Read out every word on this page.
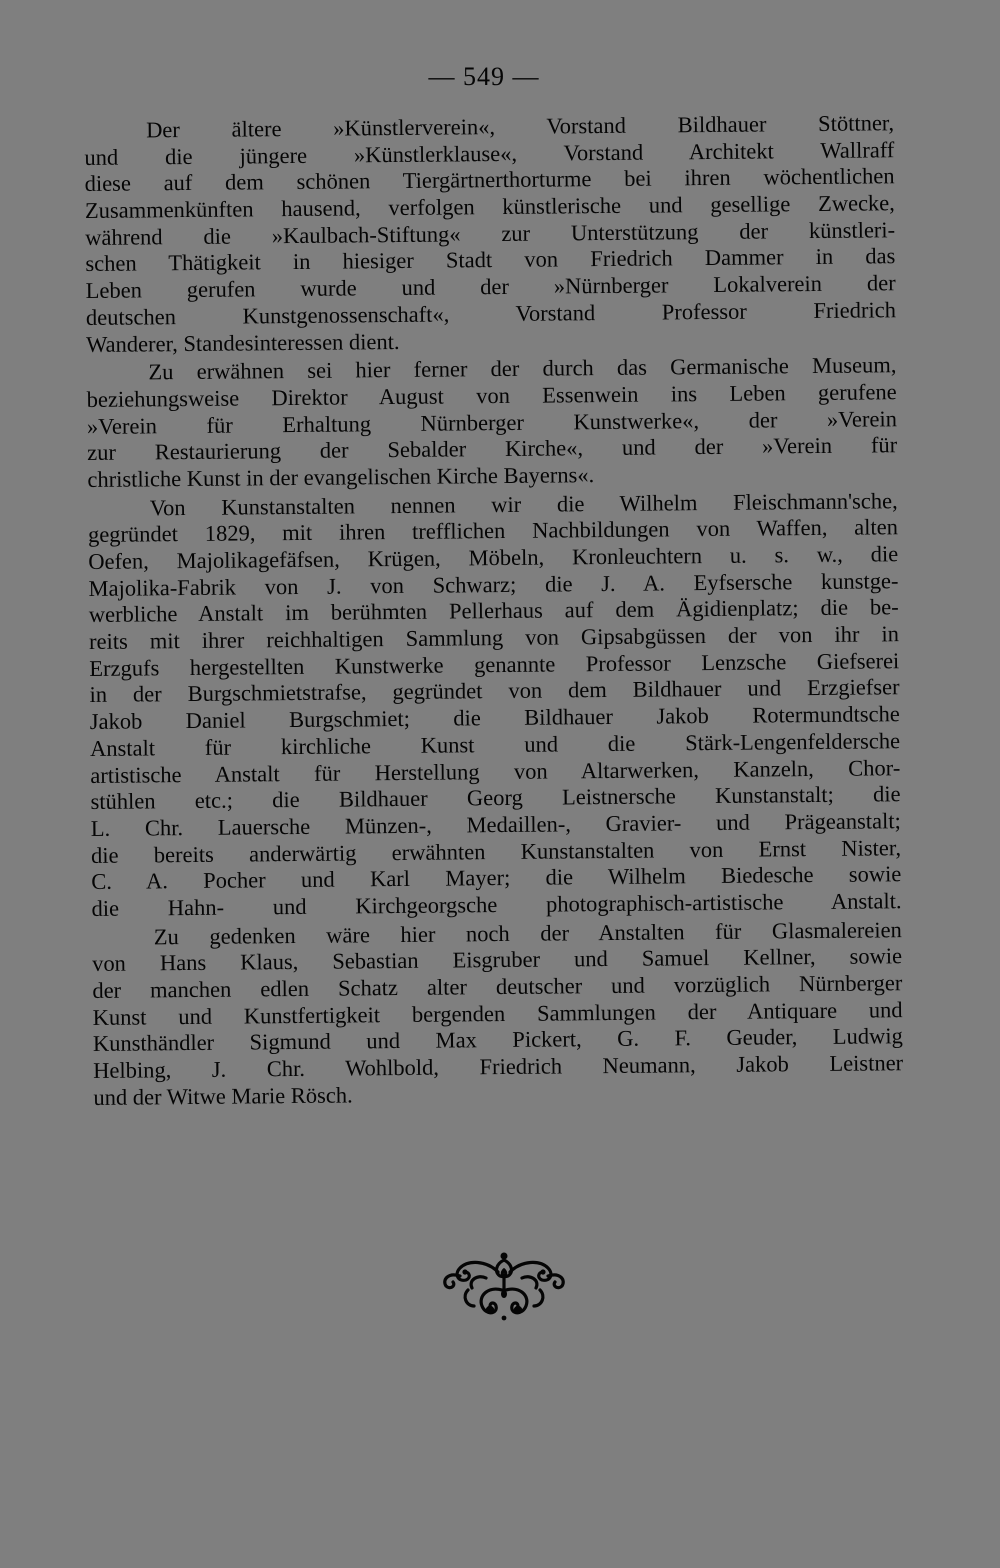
— 549 —

Der ältere »Künstlerverein«, Vorstand Bildhauer Stöttner,
und die jüngere »Künstlerklause«, Vorstand Architekt Wallraff
diese auf dem schönen Tiergärtnerthorturme bei ihren wöchentlichen
Zusammenkünften hausend, verfolgen künstlerische und gesellige Zwecke,
während die »Kaulbach-Stiftung« zur Unterstützung der künstleri-
schen Thätigkeit in hiesiger Stadt von Friedrich Dammer in das
Leben gerufen wurde und der »Nürnberger Lokalverein der
deutschen Kunstgenossenschaft«, Vorstand Professor Friedrich
Wanderer, Standesinteressen dient.

Zu erwähnen sei hier ferner der durch das Germanische Museum,
beziehungsweise Direktor August von Essenwein ins Leben gerufene
»Verein für Erhaltung Nürnberger Kunstwerke«, der »Verein
zur Restaurierung der Sebalder Kirche«, und der »Verein für
christliche Kunst in der evangelischen Kirche Bayerns«.

Von Kunstanstalten nennen wir die Wilhelm Fleischmann'sche,
gegründet 1829, mit ihren trefflichen Nachbildungen von Waffen, alten
Oefen, Majolikagefäfsen, Krügen, Möbeln, Kronleuchtern u. s. w., die
Majolika-Fabrik von J. von Schwarz; die J. A. Eyfsersche kunstge-
werbliche Anstalt im berühmten Pellerhaus auf dem Ägidienplatz; die be-
reits mit ihrer reichhaltigen Sammlung von Gipsabgüssen der von ihr in
Erzgufs hergestellten Kunstwerke genannte Professor Lenzsche Giefserei
in der Burgschmietstrafse, gegründet von dem Bildhauer und Erzgiefser
Jakob Daniel Burgschmiet; die Bildhauer Jakob Rotermundtsche
Anstalt für kirchliche Kunst und die Stärk-Lengenfeldersche
artistische Anstalt für Herstellung von Altarwerken, Kanzeln, Chor-
stühlen etc.; die Bildhauer Georg Leistnersche Kunstanstalt; die
L. Chr. Lauersche Münzen-, Medaillen-, Gravier- und Prägeanstalt;
die bereits anderwärtig erwähnten Kunstanstalten von Ernst Nister,
C. A. Pocher und Karl Mayer; die Wilhelm Biedesche sowie
die Hahn- und Kirchgeorgsche photographisch-artistische Anstalt.

Zu gedenken wäre hier noch der Anstalten für Glasmalereien
von Hans Klaus, Sebastian Eisgruber und Samuel Kellner, sowie
der manchen edlen Schatz alter deutscher und vorzüglich Nürnberger
Kunst und Kunstfertigkeit bergenden Sammlungen der Antiquare und
Kunsthändler Sigmund und Max Pickert, G. F. Geuder, Ludwig
Helbing, J. Chr. Wohlbold, Friedrich Neumann, Jakob Leistner
und der Witwe Marie Rösch.
